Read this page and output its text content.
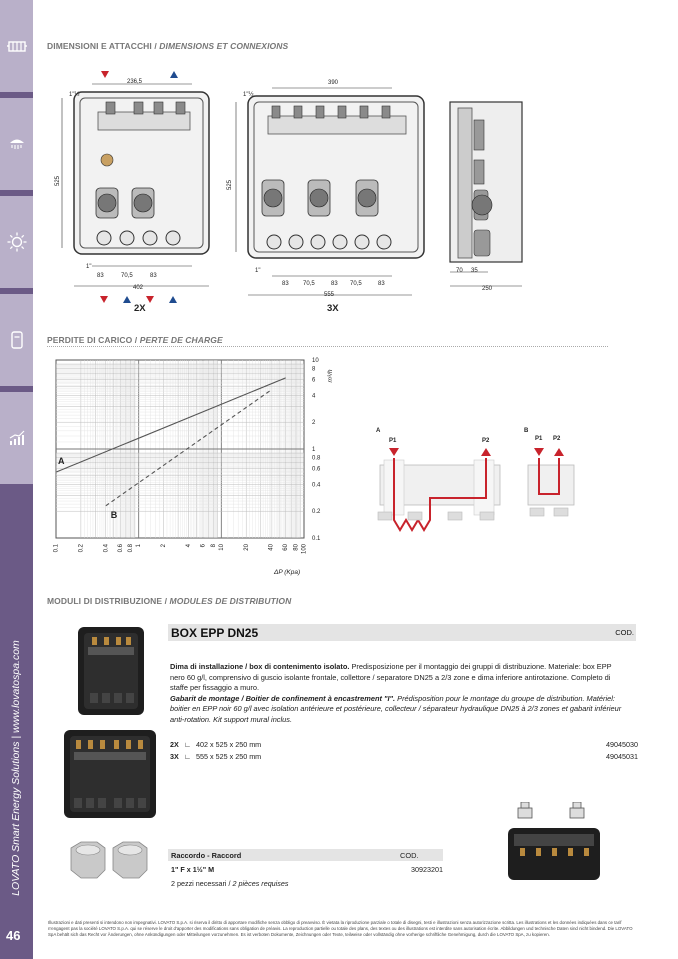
LOVATO Smart Energy Solutions | www.lovatospa.com
46
DIMENSIONI E ATTACCHI / DIMENSIONS ET CONNEXIONS
236,5
1"½
525
1"
83	70,5	83
402
2X
390
1"½
525
1"
83 70,5	83 70,5	83
555
3X
70 35
250
PERDITE DI CARICO / PERTE DE CHARGE
0.1	0.2	0.4 0.6 0.8 1	2	4 6 8 10	20	40 60 80 100
0.1
0.2
0.4
0.6
0.8
1
2
4
6
8
10
ΔP (Kpa)
m³/h
A
B
A
P1	P2
B
P1 P2
MODULI DI DISTRIBUZIONE / MODULES DE DISTRIBUTION
BOX EPP DN25	COD.
Dima di installazione / box di contenimento isolato. Predisposizione per il montaggio dei gruppi di distribuzione. Materiale: box EPP nero 60 g/l, comprensivo di guscio isolante frontale, collettore / separatore DN25 a 2/3 zone e dima inferiore antirotazione. Completo di staffe per fissaggio a muro.
Gabarit de montage / Boitier de confinement à encastrement "I". Prédisposition pour le montage du groupe de distribution. Matériel: boitier en EPP noir 60 g/l avec isolation antérieure et postérieure, collecteur / séparateur hydraulique DN25 à 2/3 zones et gabarit inférieur anti-rotation. Kit support mural inclus.
2X ∟ 402 x 525 x 250 mm	49045030
3X ∟ 555 x 525 x 250 mm	49045031
Raccordo - Raccord	COD.
1" F x 1½" M	30923201
2 pezzi necessari / 2 pièces requises
Illustrazioni e dati presenti si intendono non impegnativi. LOVATO S.p.A. si riserva il diritto di apportare modifiche senza obbligo di preavviso. È vietata la riproduzione parziale o totale di disegni, testi e illustrazioni senza autorizzazione scritta. Les illustrations et les données indiquées dans ce tarif n'engagent pas la société LOVATO S.p.A. qui se réserve le droit d'apporter des modifications sans obligation de préavis. La reproduction partielle ou totale des plans, des textes ou des illustrations est interdite sans autorisation écrite. Abbildungen und technische Daten sind nicht bindend. Die LOVATO SpA behält sich das Recht vor Änderungen, ohne Ankündigungen oder Mitteilungen vorzunehmen. Es ist verboten Dokumente, Zeichnungen oder Texte, teilweise oder vollständig ohne vorherige schriftliche Genehmigung, durch die LOVATO SpA, zu kopieren.
